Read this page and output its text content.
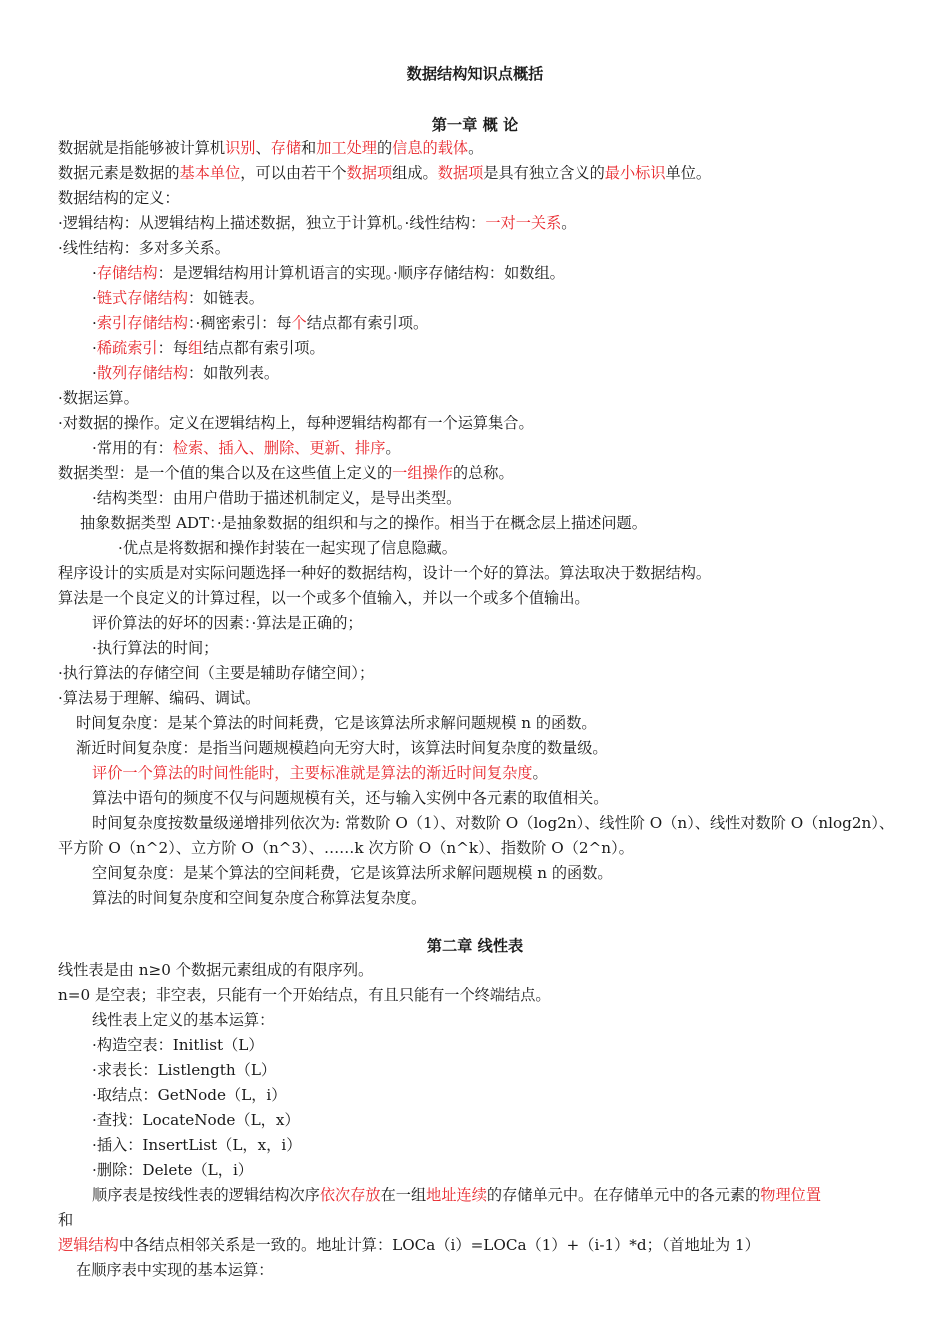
数据结构知识点概括
第一章 概 论
数据就是指能够被计算机识别、存储和加工处理的信息的载体。
数据元素是数据的基本单位，可以由若干个数据项组成。数据项是具有独立含义的最小标识单位。
数据结构的定义：
·逻辑结构：从逻辑结构上描述数据，独立于计算机。·线性结构：一对一关系。
·线性结构：多对多关系。
·存储结构：是逻辑结构用计算机语言的实现。·顺序存储结构：如数组。
·链式存储结构：如链表。
·索引存储结构：·稠密索引：每个结点都有索引项。
·稀疏索引：每组结点都有索引项。
·散列存储结构：如散列表。
·数据运算。
·对数据的操作。定义在逻辑结构上，每种逻辑结构都有一个运算集合。
·常用的有：检索、插入、删除、更新、排序。
数据类型：是一个值的集合以及在这些值上定义的一组操作的总称。
·结构类型：由用户借助于描述机制定义，是导出类型。
抽象数据类型 ADT：·是抽象数据的组织和与之的操作。相当于在概念层上描述问题。
·优点是将数据和操作封装在一起实现了信息隐藏。
程序设计的实质是对实际问题选择一种好的数据结构，设计一个好的算法。算法取决于数据结构。
算法是一个良定义的计算过程，以一个或多个值输入，并以一个或多个值输出。
评价算法的好坏的因素：·算法是正确的；
·执行算法的时间；
·执行算法的存储空间（主要是辅助存储空间）；
·算法易于理解、编码、调试。
时间复杂度：是某个算法的时间耗费，它是该算法所求解问题规模 n 的函数。
渐近时间复杂度：是指当问题规模趋向无穷大时，该算法时间复杂度的数量级。
评价一个算法的时间性能时，主要标准就是算法的渐近时间复杂度。
算法中语句的频度不仅与问题规模有关，还与输入实例中各元素的取值相关。
时间复杂度按数量级递增排列依次为: 常数阶 O（1）、对数阶 O（log2n）、线性阶 O（n）、线性对数阶 O（nlog2n）、
平方阶 O（n^2）、立方阶 O（n^3）、……k 次方阶 O（n^k）、指数阶 O（2^n）。
空间复杂度：是某个算法的空间耗费，它是该算法所求解问题规模 n 的函数。
算法的时间复杂度和空间复杂度合称算法复杂度。
第二章 线性表
线性表是由 n≥0 个数据元素组成的有限序列。
n=0 是空表；非空表，只能有一个开始结点，有且只能有一个终端结点。
线性表上定义的基本运算：
·构造空表：Initlist（L）
·求表长：Listlength（L）
·取结点：GetNode（L，i）
·查找：LocateNode（L，x）
·插入：InsertList（L，x，i）
·删除：Delete（L，i）
顺序表是按线性表的逻辑结构次序依次存放在一组地址连续的存储单元中。在存储单元中的各元素的物理位置
和
逻辑结构中各结点相邻关系是一致的。地址计算：LOCa（i）=LOCa（1）+（i-1）*d；（首地址为 1）
在顺序表中实现的基本运算：
